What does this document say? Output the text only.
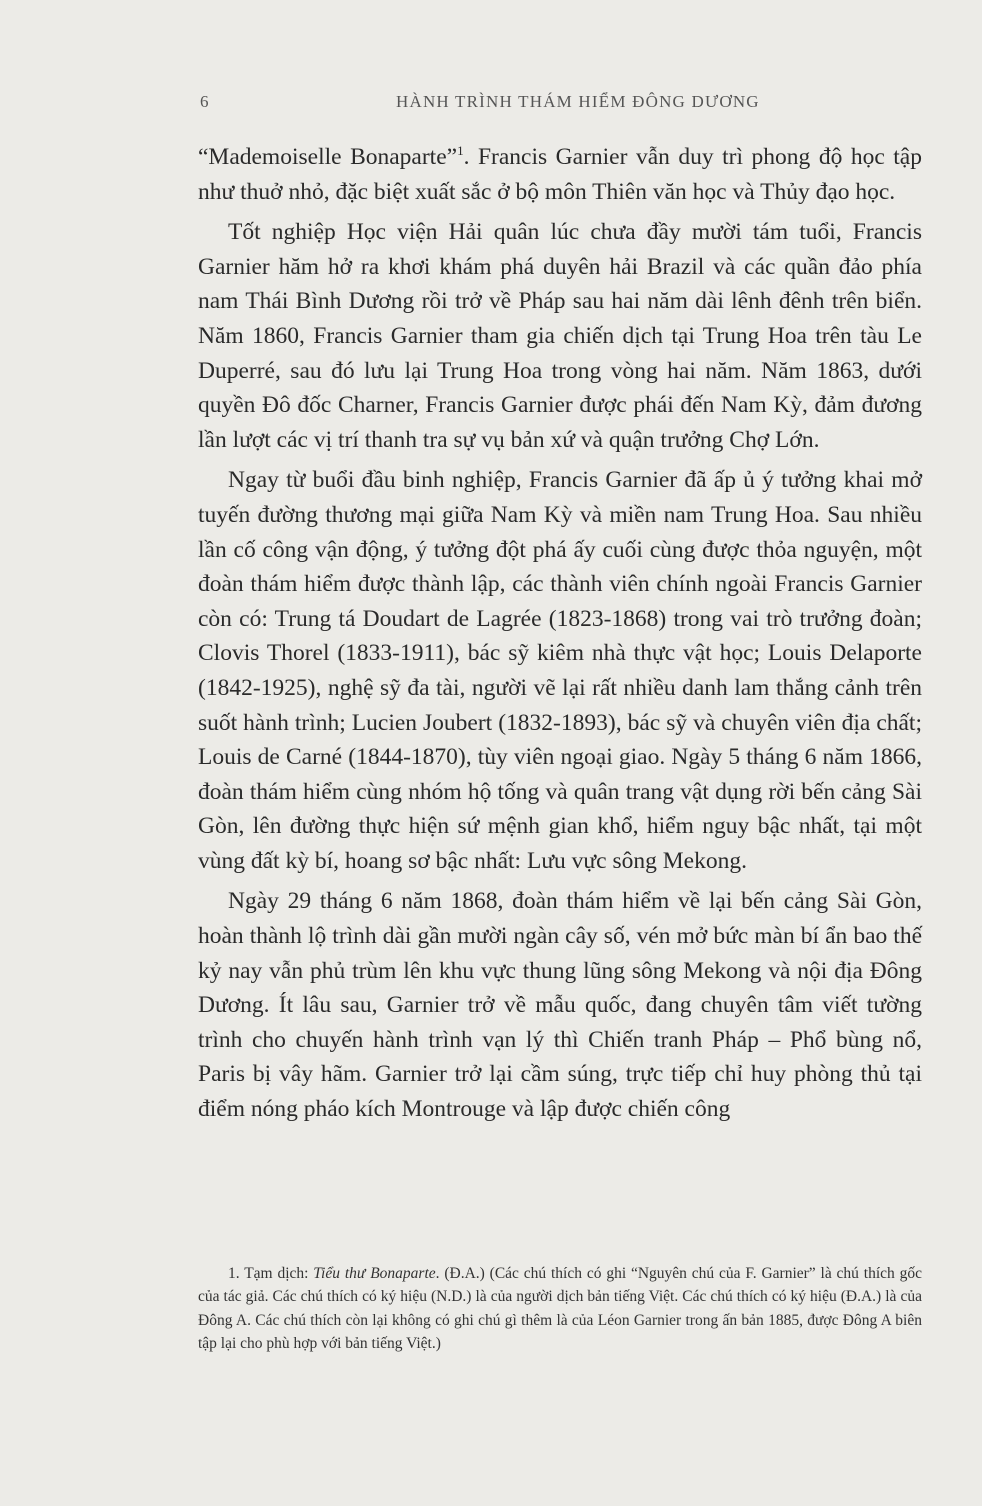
6	HÀNH TRÌNH THÁM HIỂM ĐÔNG DƯƠNG

“Mademoiselle Bonaparte”$^1$. Francis Garnier vẫn duy trì phong độ học tập như thuở nhỏ, đặc biệt xuất sắc ở bộ môn Thiên văn học và Thủy đạo học.

Tốt nghiệp Học viện Hải quân lúc chưa đầy mười tám tuổi, Francis Garnier hăm hở ra khơi khám phá duyên hải Brazil và các quần đảo phía nam Thái Bình Dương rồi trở về Pháp sau hai năm dài lênh đênh trên biển. Năm 1860, Francis Garnier tham gia chiến dịch tại Trung Hoa trên tàu Le Duperré, sau đó lưu lại Trung Hoa trong vòng hai năm. Năm 1863, dưới quyền Đô đốc Charner, Francis Garnier được phái đến Nam Kỳ, đảm đương lần lượt các vị trí thanh tra sự vụ bản xứ và quận trưởng Chợ Lớn.

Ngay từ buổi đầu binh nghiệp, Francis Garnier đã ấp ủ ý tưởng khai mở tuyến đường thương mại giữa Nam Kỳ và miền nam Trung Hoa. Sau nhiều lần cố công vận động, ý tưởng đột phá ấy cuối cùng được thỏa nguyện, một đoàn thám hiểm được thành lập, các thành viên chính ngoài Francis Garnier còn có: Trung tá Doudart de Lagrée (1823-1868) trong vai trò trưởng đoàn; Clovis Thorel (1833-1911), bác sỹ kiêm nhà thực vật học; Louis Delaporte (1842-1925), nghệ sỹ đa tài, người vẽ lại rất nhiều danh lam thắng cảnh trên suốt hành trình; Lucien Joubert (1832-1893), bác sỹ và chuyên viên địa chất; Louis de Carné (1844-1870), tùy viên ngoại giao. Ngày 5 tháng 6 năm 1866, đoàn thám hiểm cùng nhóm hộ tống và quân trang vật dụng rời bến cảng Sài Gòn, lên đường thực hiện sứ mệnh gian khổ, hiểm nguy bậc nhất, tại một vùng đất kỳ bí, hoang sơ bậc nhất: Lưu vực sông Mekong.

Ngày 29 tháng 6 năm 1868, đoàn thám hiểm về lại bến cảng Sài Gòn, hoàn thành lộ trình dài gần mười ngàn cây số, vén mở bức màn bí ẩn bao thế kỷ nay vẫn phủ trùm lên khu vực thung lũng sông Mekong và nội địa Đông Dương. Ít lâu sau, Garnier trở về mẫu quốc, đang chuyên tâm viết tường trình cho chuyến hành trình vạn lý thì Chiến tranh Pháp – Phổ bùng nổ, Paris bị vây hãm. Garnier trở lại cầm súng, trực tiếp chỉ huy phòng thủ tại điểm nóng pháo kích Montrouge và lập được chiến công

1. Tạm dịch: Tiểu thư Bonaparte. (Đ.A.) (Các chú thích có ghi “Nguyên chú của F. Garnier” là chú thích gốc của tác giả. Các chú thích có ký hiệu (N.D.) là của người dịch bản tiếng Việt. Các chú thích có ký hiệu (Đ.A.) là của Đông A. Các chú thích còn lại không có ghi chú gì thêm là của Léon Garnier trong ấn bản 1885, được Đông A biên tập lại cho phù hợp với bản tiếng Việt.)
